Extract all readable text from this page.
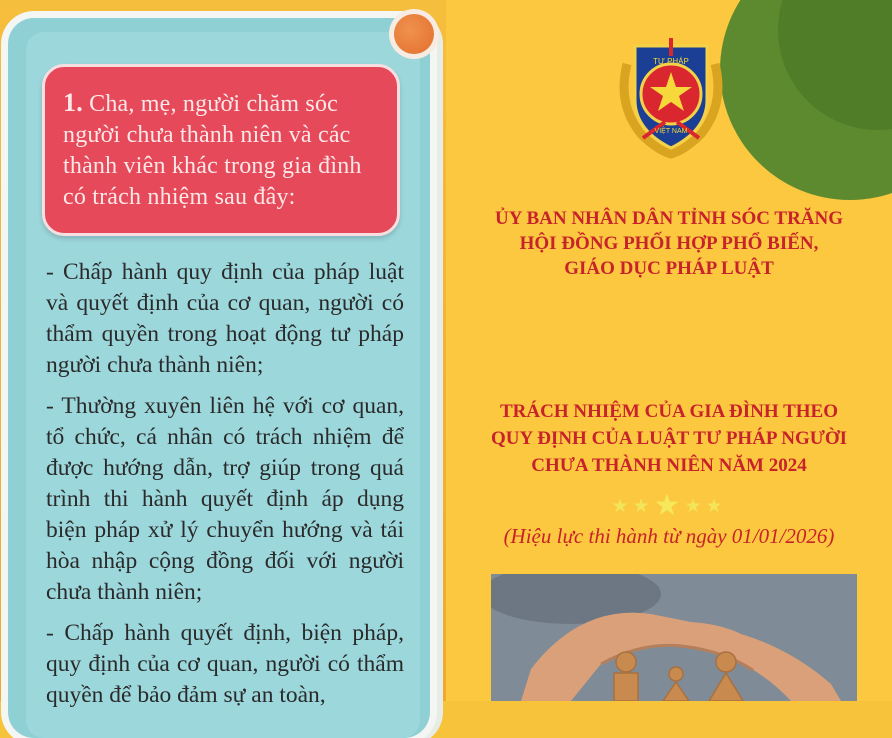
1. Cha, mẹ, người chăm sóc người chưa thành niên và các thành viên khác trong gia đình có trách nhiệm sau đây:

- Chấp hành quy định của pháp luật và quyết định của cơ quan, người có thẩm quyền trong hoạt động tư pháp người chưa thành niên;

- Thường xuyên liên hệ với cơ quan, tổ chức, cá nhân có trách nhiệm để được hướng dẫn, trợ giúp trong quá trình thi hành quyết định áp dụng biện pháp xử lý chuyển hướng và tái hòa nhập cộng đồng đối với người chưa thành niên;

- Chấp hành quyết định, biện pháp, quy định của cơ quan, người có thẩm quyền để bảo đảm sự an toàn,

TƯ PHÁP
VIỆT NAM
ỦY BAN NHÂN DÂN TỈNH SÓC TRĂNG
HỘI ĐỒNG PHỐI HỢP PHỔ BIẾN,
GIÁO DỤC PHÁP LUẬT
TRÁCH NHIỆM CỦA GIA ĐÌNH THEO
QUY ĐỊNH CỦA LUẬT TƯ PHÁP NGƯỜI
CHƯA THÀNH NIÊN NĂM 2024
★★★★★
(Hiệu lực thi hành từ ngày 01/01/2026)
